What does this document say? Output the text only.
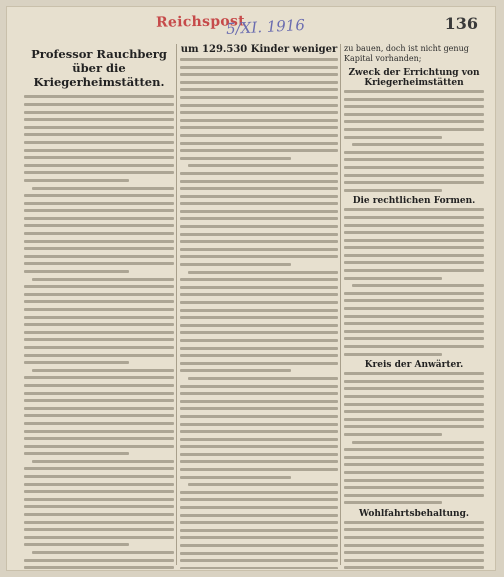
Reichspost
5/XI. 1916	136
Professor Rauchberg über die Kriegerheimstätten.
um 129.530 Kinder weniger zu bauen, doch ist nicht genug Kapital vorhanden;
Zweck der Errichtung von Kriegerheimstätten
Die rechtlichen Formen.
Kreis der Anwärter.
Wohlfahrtsbehaltung.
